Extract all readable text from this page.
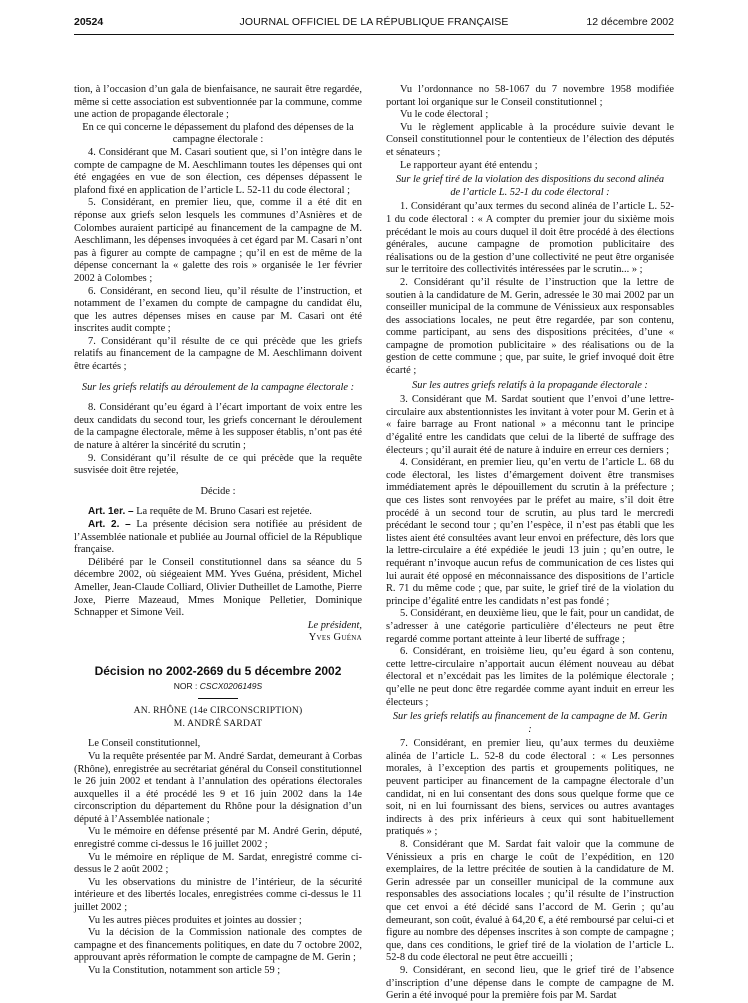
20524	JOURNAL OFFICIEL DE LA RÉPUBLIQUE FRANÇAISE	12 décembre 2002

tion, à l’occasion d’un gala de bienfaisance, ne saurait être regardée, même si cette association est subventionnée par la commune, comme une action de propagande électorale ;

En ce qui concerne le dépassement du plafond des dépenses de la campagne électorale :

4. Considérant que M. Casari soutient que, si l’on intègre dans le compte de campagne de M. Aeschlimann toutes les dépenses qui ont été engagées en vue de son élection, ces dépenses dépassent le plafond fixé en application de l’article L. 52-11 du code électoral ;

5. Considérant, en premier lieu, que, comme il a été dit en réponse aux griefs selon lesquels les communes d’Asnières et de Colombes auraient participé au financement de la campagne de M. Aeschlimann, les dépenses invoquées à cet égard par M. Casari n’ont pas à figurer au compte de campagne ; qu’il en est de même de la dépense concernant la « galette des rois » organisée le 1er février 2002 à Colombes ;

6. Considérant, en second lieu, qu’il résulte de l’instruction, et notamment de l’examen du compte de campagne du candidat élu, que les autres dépenses mises en cause par M. Casari ont été inscrites audit compte ;

7. Considérant qu’il résulte de ce qui précède que les griefs relatifs au financement de la campagne de M. Aeschlimann doivent être écartés ;

Sur les griefs relatifs au déroulement de la campagne électorale :

8. Considérant qu’eu égard à l’écart important de voix entre les deux candidats du second tour, les griefs concernant le déroulement de la campagne électorale, même à les supposer établis, n’ont pas été de nature à altérer la sincérité du scrutin ;

9. Considérant qu’il résulte de ce qui précède que la requête susvisée doit être rejetée,

Décide :

Art. 1er. – La requête de M. Bruno Casari est rejetée.

Art. 2. – La présente décision sera notifiée au président de l’Assemblée nationale et publiée au Journal officiel de la République française.

Délibéré par le Conseil constitutionnel dans sa séance du 5 décembre 2002, où siégeaient MM. Yves Guéna, président, Michel Ameller, Jean-Claude Colliard, Olivier Dutheillet de Lamothe, Pierre Joxe, Pierre Mazeaud, Mmes Monique Pelletier, Dominique Schnapper et Simone Veil.

Le président,

Yves Guéna

Décision no 2002-2669 du 5 décembre 2002
NOR : CSCX0206149S
AN. RHÔNE (14e CIRCONSCRIPTION)
M. ANDRÉ SARDAT

Le Conseil constitutionnel,

Vu la requête présentée par M. André Sardat, demeurant à Corbas (Rhône), enregistrée au secrétariat général du Conseil constitutionnel le 26 juin 2002 et tendant à l’annulation des opérations électorales auxquelles il a été procédé les 9 et 16 juin 2002 dans la 14e circonscription du département du Rhône pour la désignation d’un député à l’Assemblée nationale ;

Vu le mémoire en défense présenté par M. André Gerin, député, enregistré comme ci-dessus le 16 juillet 2002 ;

Vu le mémoire en réplique de M. Sardat, enregistré comme ci-dessus le 2 août 2002 ;

Vu les observations du ministre de l’intérieur, de la sécurité intérieure et des libertés locales, enregistrées comme ci-dessus le 11 juillet 2002 ;

Vu les autres pièces produites et jointes au dossier ;

Vu la décision de la Commission nationale des comptes de campagne et des financements politiques, en date du 7 octobre 2002, approuvant après réformation le compte de campagne de M. Gerin ;

Vu la Constitution, notamment son article 59 ;

Vu l’ordonnance no 58-1067 du 7 novembre 1958 modifiée portant loi organique sur le Conseil constitutionnel ;

Vu le code électoral ;

Vu le règlement applicable à la procédure suivie devant le Conseil constitutionnel pour le contentieux de l’élection des députés et sénateurs ;

Le rapporteur ayant été entendu ;

Sur le grief tiré de la violation des dispositions du second alinéa de l’article L. 52-1 du code électoral :

1. Considérant qu’aux termes du second alinéa de l’article L. 52-1 du code électoral : « A compter du premier jour du sixième mois précédant le mois au cours duquel il doit être procédé à des élections générales, aucune campagne de promotion publicitaire des réalisations ou de la gestion d’une collectivité ne peut être organisée sur le territoire des collectivités intéressées par le scrutin... » ;

2. Considérant qu’il résulte de l’instruction que la lettre de soutien à la candidature de M. Gerin, adressée le 30 mai 2002 par un conseiller municipal de la commune de Vénissieux aux responsables des associations locales, ne peut être regardée, par son contenu, comme participant, au sens des dispositions précitées, d’une « campagne de promotion publicitaire » des réalisations ou de la gestion de cette commune ; que, par suite, le grief invoqué doit être écarté ;

Sur les autres griefs relatifs à la propagande électorale :

3. Considérant que M. Sardat soutient que l’envoi d’une lettre-circulaire aux abstentionnistes les invitant à voter pour M. Gerin et à « faire barrage au Front national » a méconnu tant le principe d’égalité entre les candidats que celui de la liberté de suffrage des électeurs ; qu’il aurait été de nature à induire en erreur ces derniers ;

4. Considérant, en premier lieu, qu’en vertu de l’article L. 68 du code électoral, les listes d’émargement doivent être transmises immédiatement après le dépouillement du scrutin à la préfecture ; que ces listes sont renvoyées par le préfet au maire, s’il doit être procédé à un second tour de scrutin, au plus tard le mercredi précédant le second tour ; qu’en l’espèce, il n’est pas établi que les listes aient été consultées avant leur envoi en préfecture, dès lors que la lettre-circulaire a été expédiée le jeudi 13 juin ; qu’en outre, le requérant n’invoque aucun refus de communication de ces listes qui lui aurait été opposé en méconnaissance des dispositions de l’article R. 71 du même code ; que, par suite, le grief tiré de la violation du principe d’égalité entre les candidats n’est pas fondé ;

5. Considérant, en deuxième lieu, que le fait, pour un candidat, de s’adresser à une catégorie particulière d’électeurs ne peut être regardé comme portant atteinte à leur liberté de suffrage ;

6. Considérant, en troisième lieu, qu’eu égard à son contenu, cette lettre-circulaire n’apportait aucun élément nouveau au débat électoral et n’excédait pas les limites de la polémique électorale ; qu’elle ne peut donc être regardée comme ayant induit en erreur les électeurs ;

Sur les griefs relatifs au financement de la campagne de M. Gerin :

7. Considérant, en premier lieu, qu’aux termes du deuxième alinéa de l’article L. 52-8 du code électoral : « Les personnes morales, à l’exception des partis et groupements politiques, ne peuvent participer au financement de la campagne électorale d’un candidat, ni en lui consentant des dons sous quelque forme que ce soit, ni en lui fournissant des biens, services ou autres avantages indirects à des prix inférieurs à ceux qui sont habituellement pratiqués » ;

8. Considérant que M. Sardat fait valoir que la commune de Vénissieux a pris en charge le coût de l’expédition, en 120 exemplaires, de la lettre précitée de soutien à la candidature de M. Gerin adressée par un conseiller municipal de la commune aux responsables des associations locales ; qu’il résulte de l’instruction que cet envoi a été décidé sans l’accord de M. Gerin ; qu’au demeurant, son coût, évalué à 64,20 €, a été remboursé par celui-ci et figure au nombre des dépenses inscrites à son compte de campagne ; que, dans ces conditions, le grief tiré de la violation de l’article L. 52-8 du code électoral ne peut être accueilli ;

9. Considérant, en second lieu, que le grief tiré de l’absence d’inscription d’une dépense dans le compte de campagne de M. Gerin a été invoqué pour la première fois par M. Sardat
